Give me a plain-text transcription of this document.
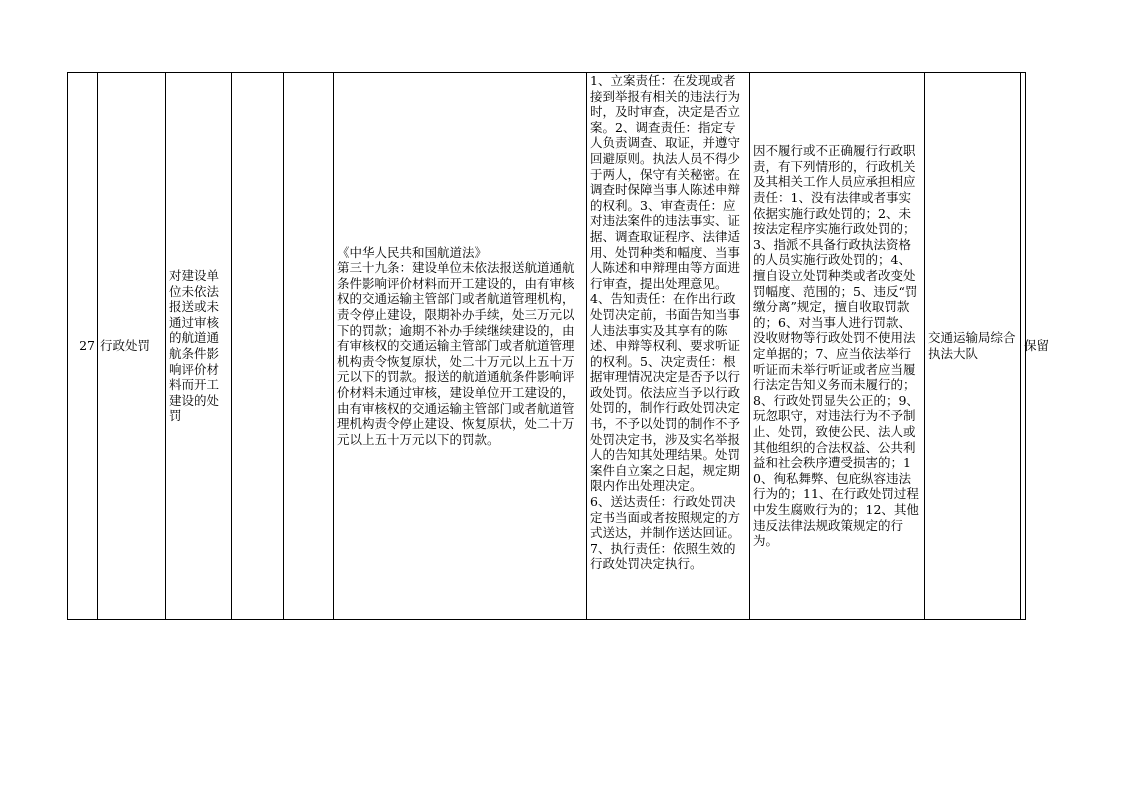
27 行政处罚
对建设单位未依法报送或未通过审核的航道通航条件影响评价材料而开工建设的处罚
《中华人民共和国航道法》
第三十九条：建设单位未依法报送航道通航条件影响评价材料而开工建设的，由有审核权的交通运输主管部门或者航道管理机构，责令停止建设，限期补办手续，处三万元以下的罚款；逾期不补办手续继续建设的，由有审核权的交通运输主管部门或者航道管理机构责令恢复原状，处二十万元以上五十万元以下的罚款。报送的航道通航条件影响评价材料未通过审核，建设单位开工建设的，由有审核权的交通运输主管部门或者航道管理机构责令停止建设、恢复原状，处二十万元以上五十万元以下的罚款。
1、立案责任：在发现或者接到举报有相关的违法行为时，及时审查，决定是否立案。2、调查责任：指定专人负责调查、取证，并遵守回避原则。执法人员不得少于两人，保守有关秘密。在调查时保障当事人陈述申辩的权利。3、审查责任：应对违法案件的违法事实、证据、调查取证程序、法律适用、处罚种类和幅度、当事人陈述和申辩理由等方面进行审查，提出处理意见。4、告知责任：在作出行政处罚决定前，书面告知当事人违法事实及其享有的陈述、申辩等权利、要求听证的权利。5、决定责任：根据审理情况决定是否予以行政处罚。依法应当予以行政处罚的，制作行政处罚决定书，不予以处罚的制作不予处罚决定书，涉及实名举报人的告知其处理结果。处罚案件自立案之日起，规定期限内作出处理决定。
6、送达责任：行政处罚决定书当面或者按照规定的方式送达，并制作送达回证。7、执行责任：依照生效的行政处罚决定执行。
因不履行或不正确履行行政职责，有下列情形的，行政机关及其相关工作人员应承担相应责任：1、没有法律或者事实依据实施行政处罚的；2、未按法定程序实施行政处罚的；3、指派不具备行政执法资格的人员实施行政处罚的；4、擅自设立处罚种类或者改变处罚幅度、范围的；5、违反“罚缴分离”规定，擅自收取罚款的；6、对当事人进行罚款、没收财物等行政处罚不使用法定单据的；7、应当依法举行听证而未举行听证或者应当履行法定告知义务而未履行的；8、行政处罚显失公正的；9、玩忽职守，对违法行为不予制止、处罚，致使公民、法人或其他组织的合法权益、公共利益和社会秩序遭受损害的；10、徇私舞弊、包庇纵容违法行为的；11、在行政处罚过程中发生腐败行为的；12、其他违反法律法规政策规定的行为。
交通运输局综合执法大队
保留
